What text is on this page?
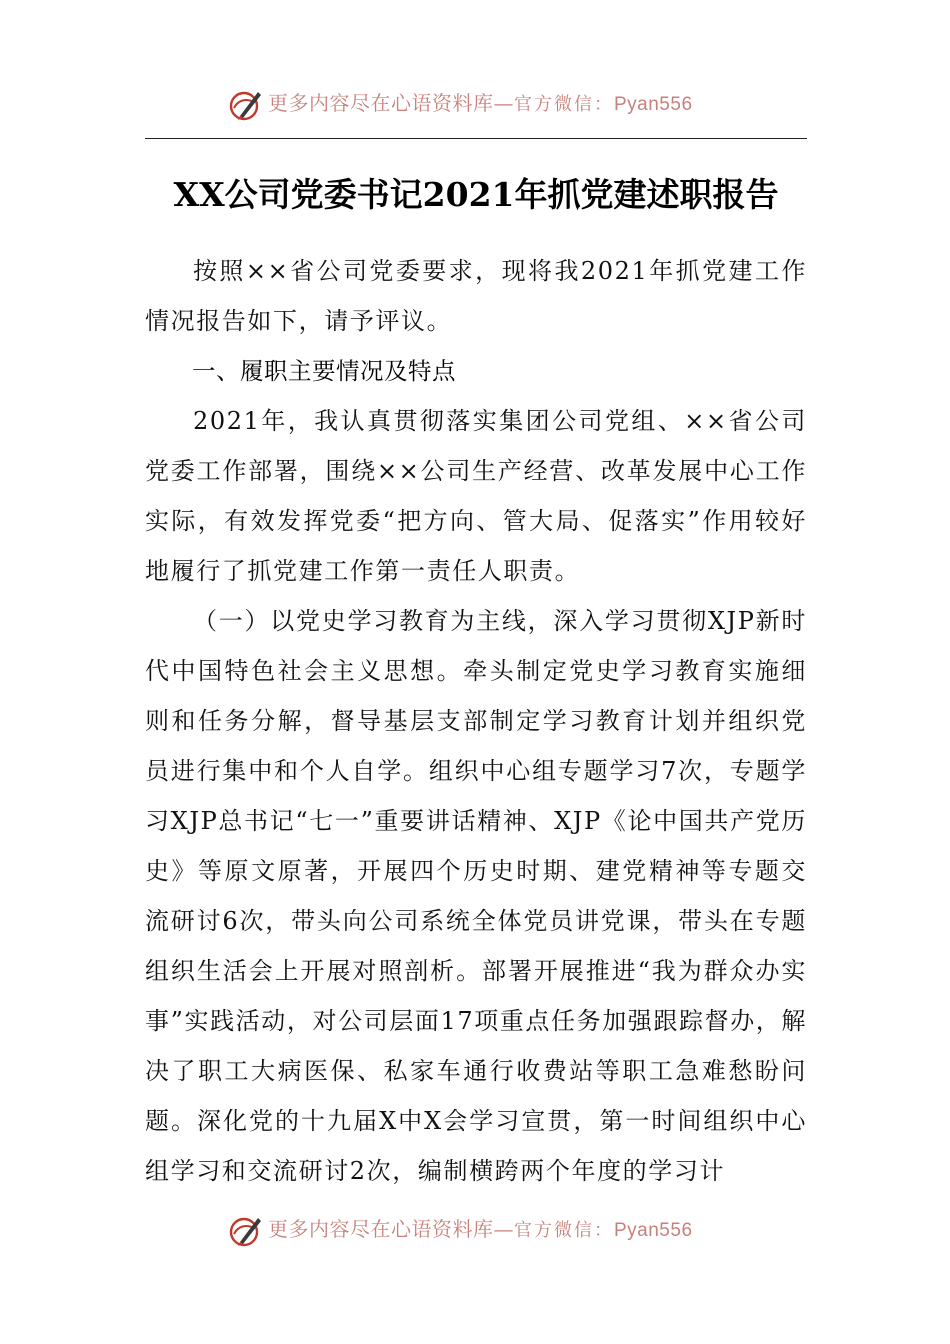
更多内容尽在心语资料库—官方微信：Pyan556
XX公司党委书记2021年抓党建述职报告

按照××省公司党委要求，现将我2021年抓党建工作情况报告如下，请予评议。

一、履职主要情况及特点

2021年，我认真贯彻落实集团公司党组、××省公司党委工作部署，围绕××公司生产经营、改革发展中心工作实际，有效发挥党委“把方向、管大局、促落实”作用较好地履行了抓党建工作第一责任人职责。

（一）以党史学习教育为主线，深入学习贯彻XJP新时代中国特色社会主义思想。牵头制定党史学习教育实施细则和任务分解，督导基层支部制定学习教育计划并组织党员进行集中和个人自学。组织中心组专题学习7次，专题学习XJP总书记“七一”重要讲话精神、XJP《论中国共产党历史》等原文原著，开展四个历史时期、建党精神等专题交流研讨6次，带头向公司系统全体党员讲党课，带头在专题组织生活会上开展对照剖析。部署开展推进“我为群众办实事”实践活动，对公司层面17项重点任务加强跟踪督办，解决了职工大病医保、私家车通行收费站等职工急难愁盼问题。深化党的十九届X中X会学习宣贯，第一时间组织中心组学习和交流研讨2次，编制横跨两个年度的学习计

更多内容尽在心语资料库—官方微信：Pyan556
